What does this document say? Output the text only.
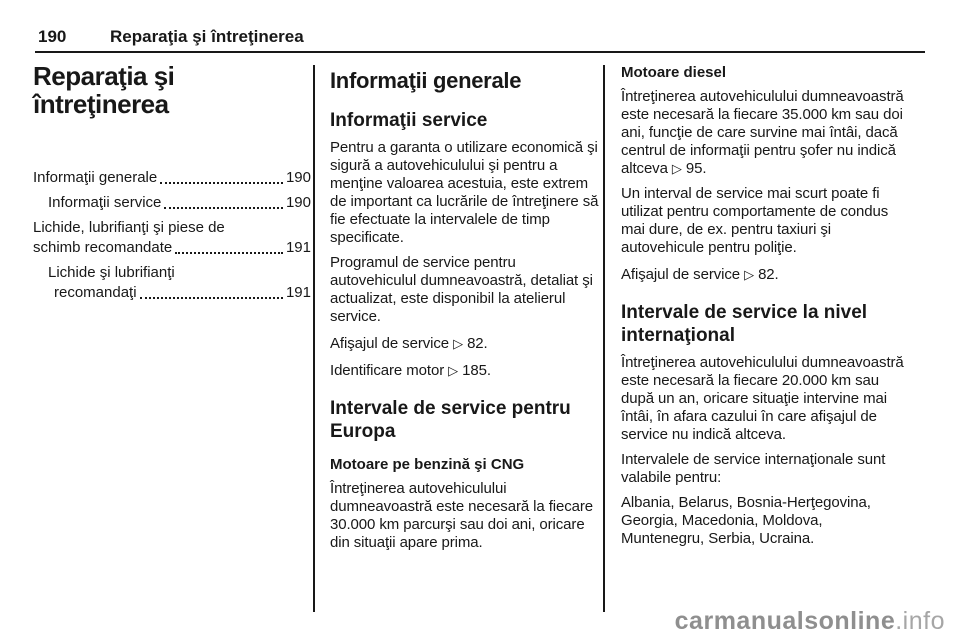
190	Reparaţia şi întreţinerea
Reparaţia şi întreţinerea
Informaţii generale	190
Informaţii service	190
Lichide, lubrifianţi şi piese de
schimb recomandate	191
Lichide şi lubrifianţi
recomandaţi	191
Informaţii generale
Informaţii service

Pentru a garanta o utilizare economică şi sigură a autovehiculului şi pentru a menţine valoarea acestuia, este extrem de important ca lucrările de întreţinere să fie efectuate la intervalele de timp specificate.

Programul de service pentru autovehiculul dumneavoastră, detaliat şi actualizat, este disponibil la atelierul service.

Afişajul de service ▷ 82.

Identificare motor ▷ 185.

Intervale de service pentru Europa
Motoare pe benzină şi CNG

Întreţinerea autovehiculului dumneavoastră este necesară la fiecare 30.000 km parcurşi sau doi ani, oricare din situaţii apare prima.

Motoare diesel

Întreţinerea autovehiculului dumneavoastră este necesară la fiecare 35.000 km sau doi ani, funcţie de care survine mai întâi, dacă centrul de informaţii pentru şofer nu indică altceva ▷ 95.

Un interval de service mai scurt poate fi utilizat pentru comportamente de condus mai dure, de ex. pentru taxiuri şi autovehicule pentru poliţie.

Afişajul de service ▷ 82.

Intervale de service la nivel internaţional

Întreţinerea autovehiculului dumneavoastră este necesară la fiecare 20.000 km sau după un an, oricare situaţie intervine mai întâi, în afara cazului în care afişajul de service nu indică altceva.

Intervalele de service internaţionale sunt valabile pentru:

Albania, Belarus, Bosnia-Herţegovina, Georgia, Macedonia, Moldova, Muntenegru, Serbia, Ucraina.

carmanualsonline.info
